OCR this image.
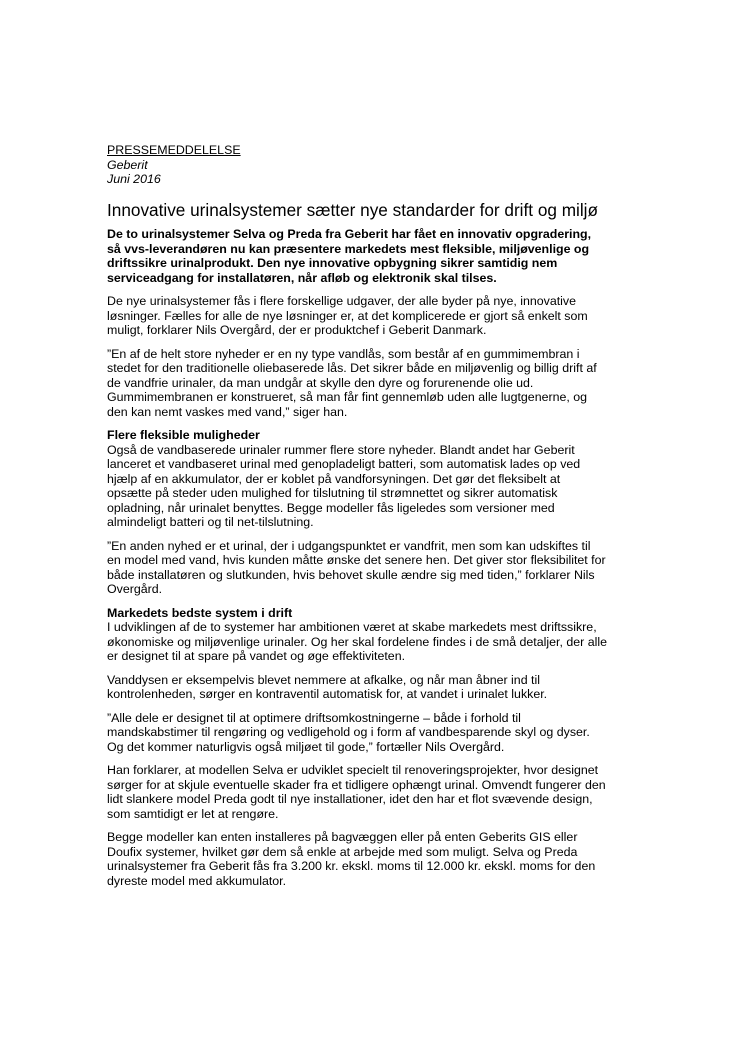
PRESSEMEDDELELSE

Geberit

Juni 2016

Innovative urinalsystemer sætter nye standarder for drift og miljø

De to urinalsystemer Selva og Preda fra Geberit har fået en innovativ opgradering, så vvs-leverandøren nu kan præsentere markedets mest fleksible, miljøvenlige og driftssikre urinalprodukt. Den nye innovative opbygning sikrer samtidig nem serviceadgang for installatøren, når afløb og elektronik skal tilses.

De nye urinalsystemer fås i flere forskellige udgaver, der alle byder på nye, innovative løsninger. Fælles for alle de nye løsninger er, at det komplicerede er gjort så enkelt som muligt, forklarer Nils Overgård, der er produktchef i Geberit Danmark.

”En af de helt store nyheder er en ny type vandlås, som består af en gummimembran i stedet for den traditionelle oliebaserede lås. Det sikrer både en miljøvenlig og billig drift af de vandfrie urinaler, da man undgår at skylle den dyre og forurenende olie ud. Gummimembranen er konstrueret, så man får fint gennemløb uden alle lugtgenerne, og den kan nemt vaskes med vand,” siger han.

Flere fleksible muligheder

Også de vandbaserede urinaler rummer flere store nyheder. Blandt andet har Geberit lanceret et vandbaseret urinal med genopladeligt batteri, som automatisk lades op ved hjælp af en akkumulator, der er koblet på vandforsyningen. Det gør det fleksibelt at opsætte på steder uden mulighed for tilslutning til strømnettet og sikrer automatisk opladning, når urinalet benyttes. Begge modeller fås ligeledes som versioner med almindeligt batteri og til net-tilslutning.

”En anden nyhed er et urinal, der i udgangspunktet er vandfrit, men som kan udskiftes til en model med vand, hvis kunden måtte ønske det senere hen. Det giver stor fleksibilitet for både installatøren og slutkunden, hvis behovet skulle ændre sig med tiden,” forklarer Nils Overgård.

Markedets bedste system i drift

I udviklingen af de to systemer har ambitionen været at skabe markedets mest driftssikre, økonomiske og miljøvenlige urinaler. Og her skal fordelene findes i de små detaljer, der alle er designet til at spare på vandet og øge effektiviteten.

Vanddysen er eksempelvis blevet nemmere at afkalke, og når man åbner ind til kontrolenheden, sørger en kontraventil automatisk for, at vandet i urinalet lukker.

”Alle dele er designet til at optimere driftsomkostningerne – både i forhold til mandskabstimer til rengøring og vedligehold og i form af vandbesparende skyl og dyser. Og det kommer naturligvis også miljøet til gode,” fortæller Nils Overgård.

Han forklarer, at modellen Selva er udviklet specielt til renoveringsprojekter, hvor designet sørger for at skjule eventuelle skader fra et tidligere ophængt urinal. Omvendt fungerer den lidt slankere model Preda godt til nye installationer, idet den har et flot svævende design, som samtidigt er let at rengøre.

Begge modeller kan enten installeres på bagvæggen eller på enten Geberits GIS eller Doufix systemer, hvilket gør dem så enkle at arbejde med som muligt. Selva og Preda urinalsystemer fra Geberit fås fra 3.200 kr. ekskl. moms til 12.000 kr. ekskl. moms for den dyreste model med akkumulator.
